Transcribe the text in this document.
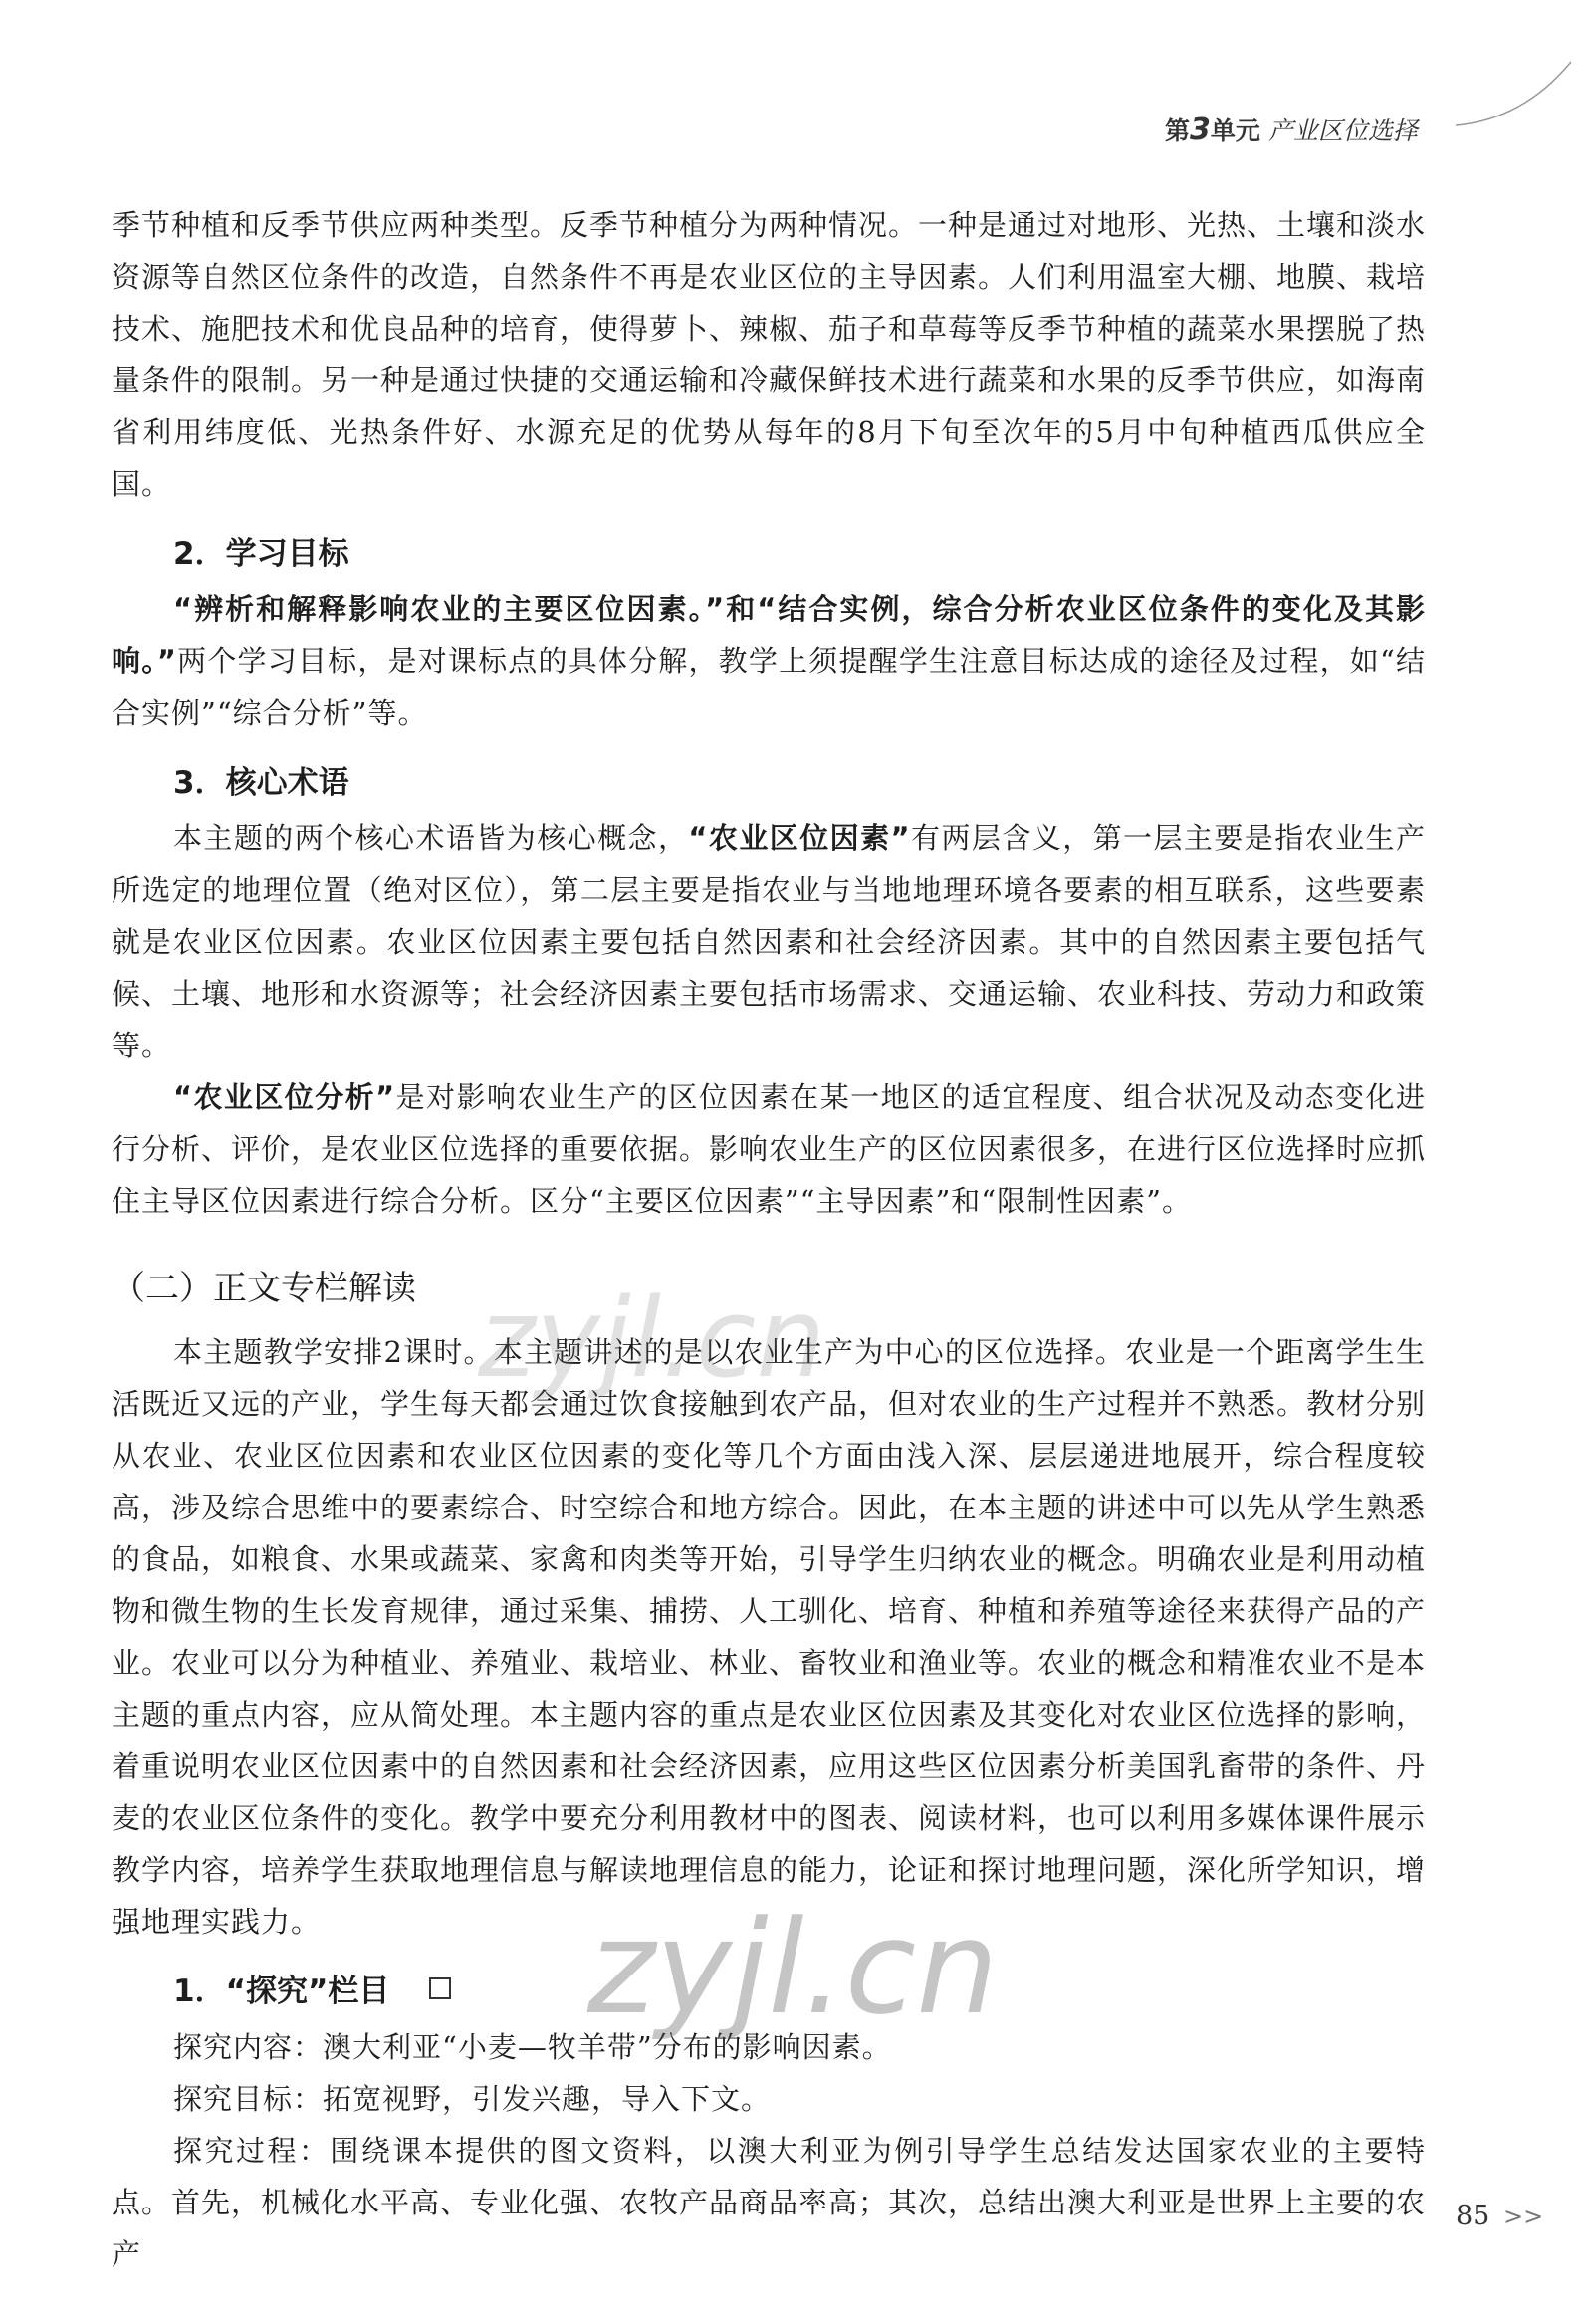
第3单元 产业区位选择

季节种植和反季节供应两种类型。反季节种植分为两种情况。一种是通过对地形、光热、土壤和淡水资源等自然区位条件的改造，自然条件不再是农业区位的主导因素。人们利用温室大棚、地膜、栽培技术、施肥技术和优良品种的培育，使得萝卜、辣椒、茄子和草莓等反季节种植的蔬菜水果摆脱了热量条件的限制。另一种是通过快捷的交通运输和冷藏保鲜技术进行蔬菜和水果的反季节供应，如海南省利用纬度低、光热条件好、水源充足的优势从每年的8月下旬至次年的5月中旬种植西瓜供应全国。

2．学习目标

“辨析和解释影响农业的主要区位因素。”和“结合实例，综合分析农业区位条件的变化及其影响。”两个学习目标，是对课标点的具体分解，教学上须提醒学生注意目标达成的途径及过程，如“结合实例”“综合分析”等。

3．核心术语

本主题的两个核心术语皆为核心概念，“农业区位因素”有两层含义，第一层主要是指农业生产所选定的地理位置（绝对区位），第二层主要是指农业与当地地理环境各要素的相互联系，这些要素就是农业区位因素。农业区位因素主要包括自然因素和社会经济因素。其中的自然因素主要包括气候、土壤、地形和水资源等；社会经济因素主要包括市场需求、交通运输、农业科技、劳动力和政策等。

“农业区位分析”是对影响农业生产的区位因素在某一地区的适宜程度、组合状况及动态变化进行分析、评价，是农业区位选择的重要依据。影响农业生产的区位因素很多，在进行区位选择时应抓住主导区位因素进行综合分析。区分“主要区位因素”“主导因素”和“限制性因素”。

（二）正文专栏解读

本主题教学安排2课时。本主题讲述的是以农业生产为中心的区位选择。农业是一个距离学生生活既近又远的产业，学生每天都会通过饮食接触到农产品，但对农业的生产过程并不熟悉。教材分别从农业、农业区位因素和农业区位因素的变化等几个方面由浅入深、层层递进地展开，综合程度较高，涉及综合思维中的要素综合、时空综合和地方综合。因此，在本主题的讲述中可以先从学生熟悉的食品，如粮食、水果或蔬菜、家禽和肉类等开始，引导学生归纳农业的概念。明确农业是利用动植物和微生物的生长发育规律，通过采集、捕捞、人工驯化、培育、种植和养殖等途径来获得产品的产业。农业可以分为种植业、养殖业、栽培业、林业、畜牧业和渔业等。农业的概念和精准农业不是本主题的重点内容，应从简处理。本主题内容的重点是农业区位因素及其变化对农业区位选择的影响，着重说明农业区位因素中的自然因素和社会经济因素，应用这些区位因素分析美国乳畜带的条件、丹麦的农业区位条件的变化。教学中要充分利用教材中的图表、阅读材料，也可以利用多媒体课件展示教学内容，培养学生获取地理信息与解读地理信息的能力，论证和探讨地理问题，深化所学知识，增强地理实践力。

1．“探究”栏目

探究内容：澳大利亚“小麦—牧羊带”分布的影响因素。

探究目标：拓宽视野，引发兴趣，导入下文。

探究过程：围绕课本提供的图文资料，以澳大利亚为例引导学生总结发达国家农业的主要特点。首先，机械化水平高、专业化强、农牧产品商品率高；其次，总结出澳大利亚是世界上主要的农产

zyjl.cn
zyjl.cn
85 >>
